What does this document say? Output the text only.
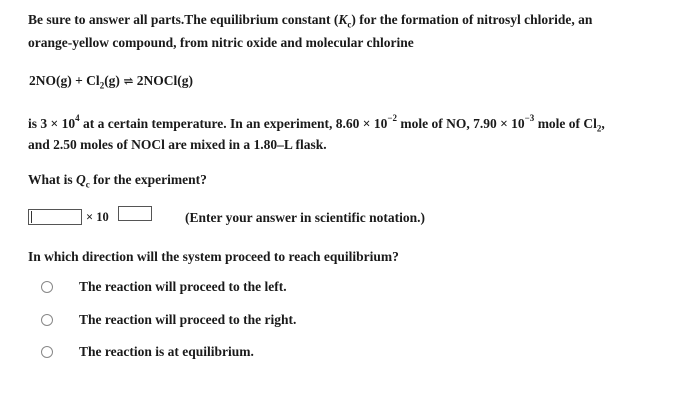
Be sure to answer all parts.The equilibrium constant $(K_c)$ for the formation of nitrosyl chloride, an
orange-yellow compound, from nitric oxide and molecular chlorine
$2NO(g) + Cl_2(g)$ ⇌ 2NOCl(g)
is $3 \times 10^4$ at a certain temperature. In an experiment, $8.60 \times 10^{-2}$ mole of NO, $7.90 \times 10^{-3}$ mole of $Cl_2$,
and 2.50 moles of NOCl are mixed in a 1.80–L flask.
What is $Q_c$ for the experiment?
× 10	(Enter your answer in scientific notation.)
In which direction will the system proceed to reach equilibrium?
The reaction will proceed to the left.
The reaction will proceed to the right.
The reaction is at equilibrium.
